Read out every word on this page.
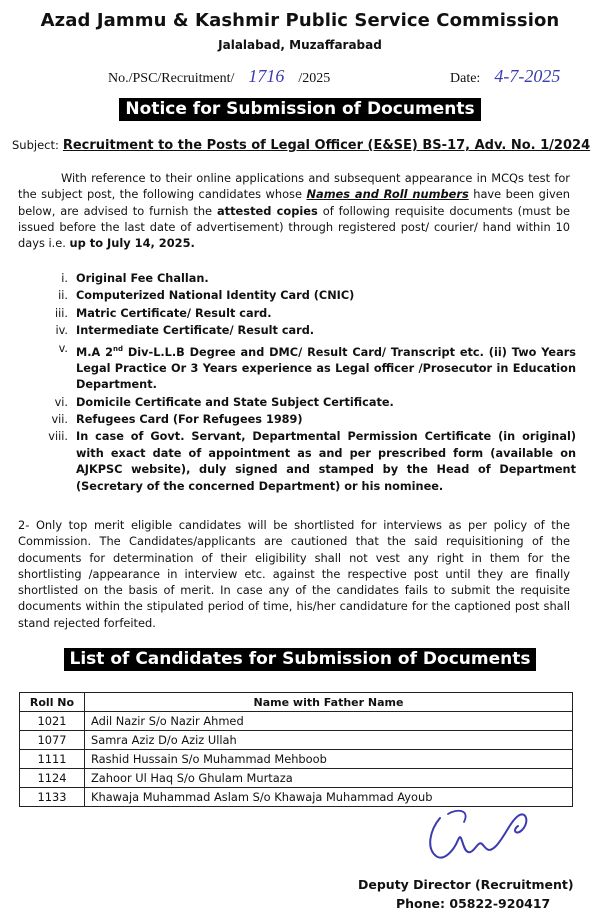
Azad Jammu & Kashmir Public Service Commission
Jalalabad, Muzaffarabad
No./PSC/Recruitment/ 1716 /2025	Date: 4-7-2025
Notice for Submission of Documents
Subject: Recruitment to the Posts of Legal Officer (E&SE) BS-17, Adv. No. 1/2024

With reference to their online applications and subsequent appearance in MCQs test for the subject post, the following candidates whose Names and Roll numbers have been given below, are advised to furnish the attested copies of following requisite documents (must be issued before the last date of advertisement) through registered post/ courier/ hand within 10 days i.e. up to July 14, 2025.

i. Original Fee Challan.
ii. Computerized National Identity Card (CNIC)
iii. Matric Certificate/ Result card.
iv. Intermediate Certificate/ Result card.
v. M.A 2nd Div-L.L.B Degree and DMC/ Result Card/ Transcript etc. (ii) Two Years Legal Practice Or 3 Years experience as Legal officer /Prosecutor in Education Department.
vi. Domicile Certificate and State Subject Certificate.
vii. Refugees Card (For Refugees 1989)
viii. In case of Govt. Servant, Departmental Permission Certificate (in original) with exact date of appointment as and per prescribed form (available on AJKPSC website), duly signed and stamped by the Head of Department (Secretary of the concerned Department) or his nominee.

2- Only top merit eligible candidates will be shortlisted for interviews as per policy of the Commission. The Candidates/applicants are cautioned that the said requisitioning of the documents for determination of their eligibility shall not vest any right in them for the shortlisting /appearance in interview etc. against the respective post until they are finally shortlisted on the basis of merit. In case any of the candidates fails to submit the requisite documents within the stipulated period of time, his/her candidature for the captioned post shall stand rejected forfeited.

List of Candidates for Submission of Documents
Roll No	Name with Father Name
1021	Adil Nazir S/o Nazir Ahmed
1077	Samra Aziz D/o Aziz Ullah
1111	Rashid Hussain S/o Muhammad Mehboob
1124	Zahoor Ul Haq S/o Ghulam Murtaza
1133	Khawaja Muhammad Aslam S/o Khawaja Muhammad Ayoub
Deputy Director (Recruitment)
Phone: 05822-920417
